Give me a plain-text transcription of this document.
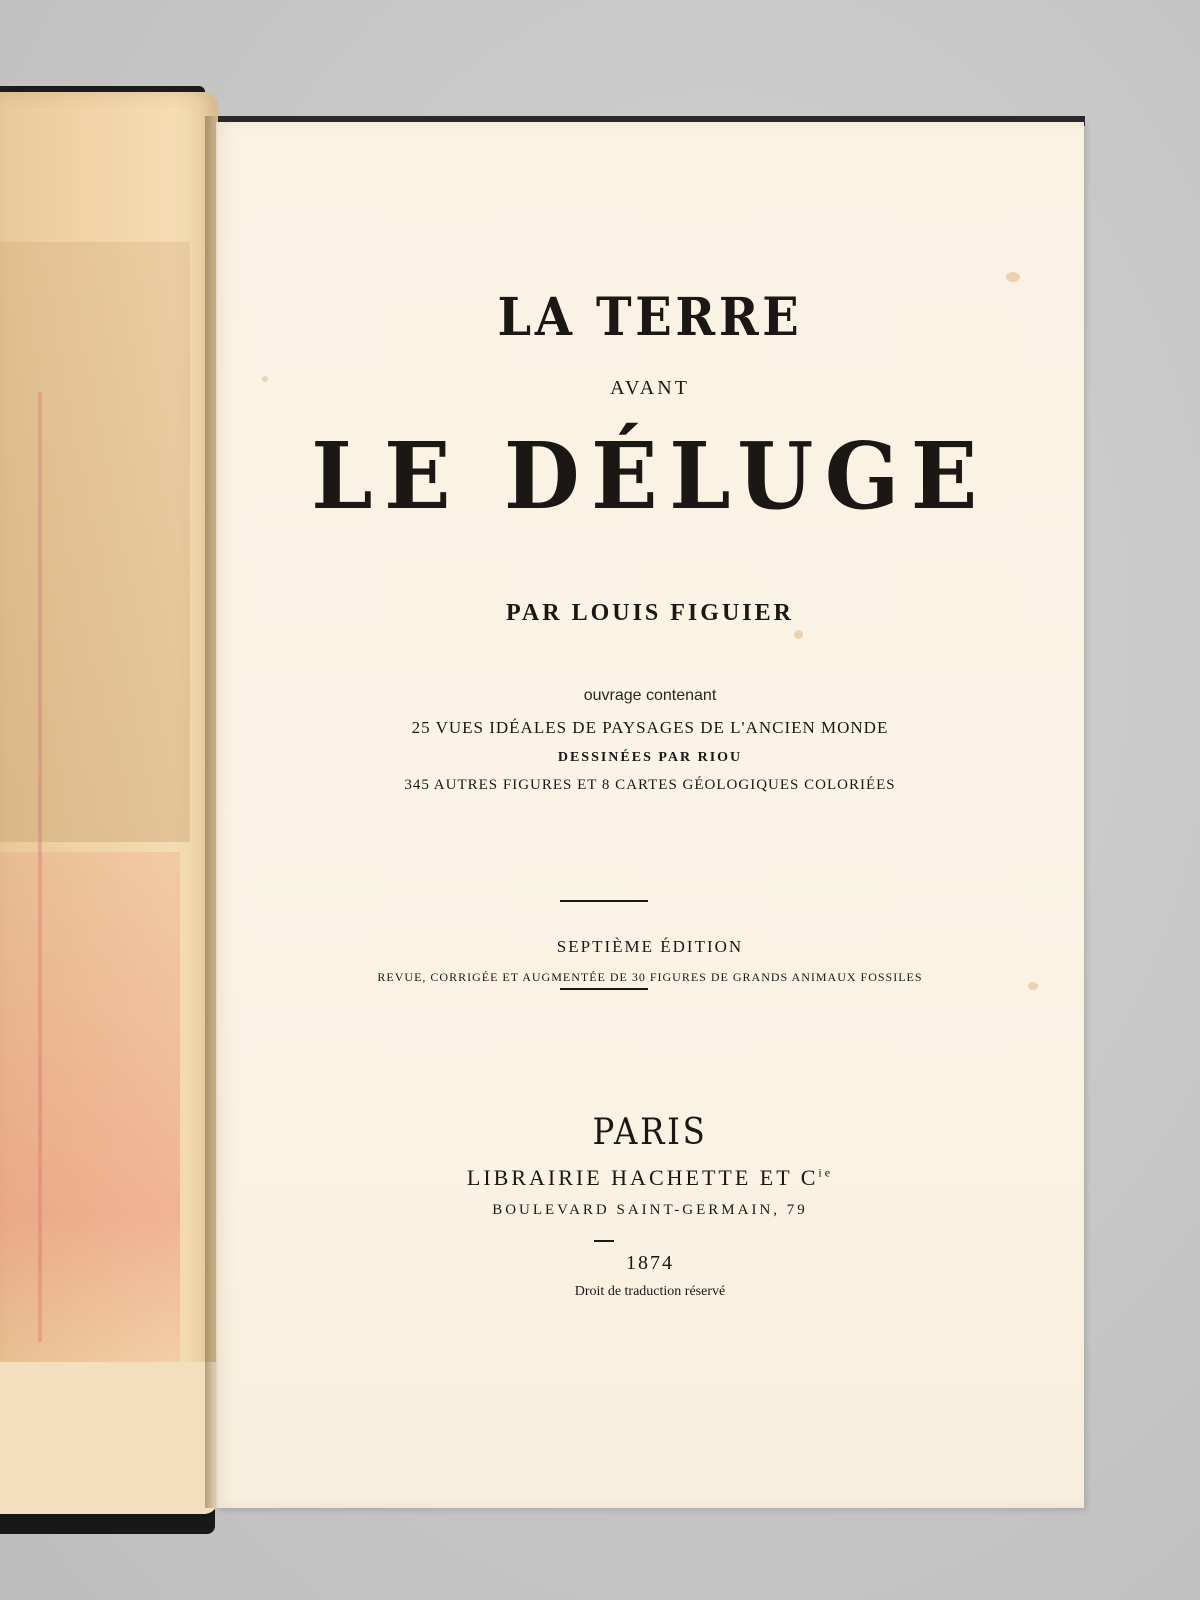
LA TERRE
AVANT
LE DÉLUGE
PAR LOUIS FIGUIER
ouvrage contenant
25 VUES IDÉALES DE PAYSAGES DE L'ANCIEN MONDE
DESSINÉES PAR RIOU
345 AUTRES FIGURES ET 8 CARTES GÉOLOGIQUES COLORIÉES
SEPTIÈME ÉDITION
REVUE, CORRIGÉE ET AUGMENTÉE DE 30 FIGURES DE GRANDS ANIMAUX FOSSILES
PARIS
LIBRAIRIE HACHETTE ET $C^{ie}$
BOULEVARD SAINT-GERMAIN, 79
1874
Droit de traduction réservé
